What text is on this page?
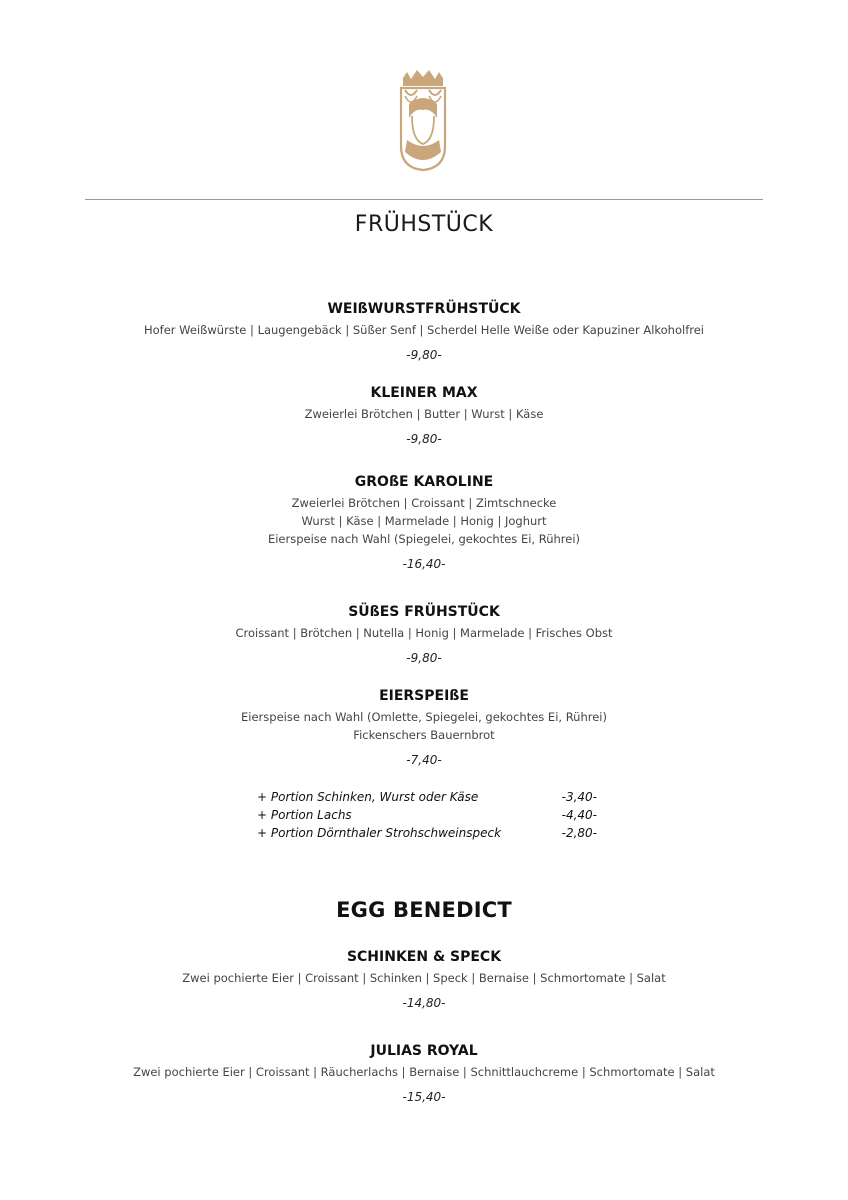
FRÜHSTÜCK
WEIßWURSTFRÜHSTÜCK
Hofer Weißwürste | Laugengebäck | Süßer Senf | Scherdel Helle Weiße oder Kapuziner Alkoholfrei
-9,80-
KLEINER MAX
Zweierlei Brötchen | Butter | Wurst | Käse
-9,80-
GROßE KAROLINE
Zweierlei Brötchen | Croissant | Zimtschnecke
Wurst | Käse | Marmelade | Honig | Joghurt
Eierspeise nach Wahl (Spiegelei, gekochtes Ei, Rührei)
-16,40-
SÜßES FRÜHSTÜCK
Croissant | Brötchen | Nutella | Honig | Marmelade | Frisches Obst
-9,80-
EIERSPEIßE
Eierspeise nach Wahl (Omlette, Spiegelei, gekochtes Ei, Rührei)
Fickenschers Bauernbrot
-7,40-
+ Portion Schinken, Wurst oder Käse	-3,40-
+ Portion Lachs	-4,40-
+ Portion Dörnthaler Strohschweinspeck	-2,80-
EGG BENEDICT
SCHINKEN & SPECK
Zwei pochierte Eier | Croissant | Schinken | Speck | Bernaise | Schmortomate | Salat
-14,80-
JULIAS ROYAL
Zwei pochierte Eier | Croissant | Räucherlachs | Bernaise | Schnittlauchcreme | Schmortomate | Salat
-15,40-
